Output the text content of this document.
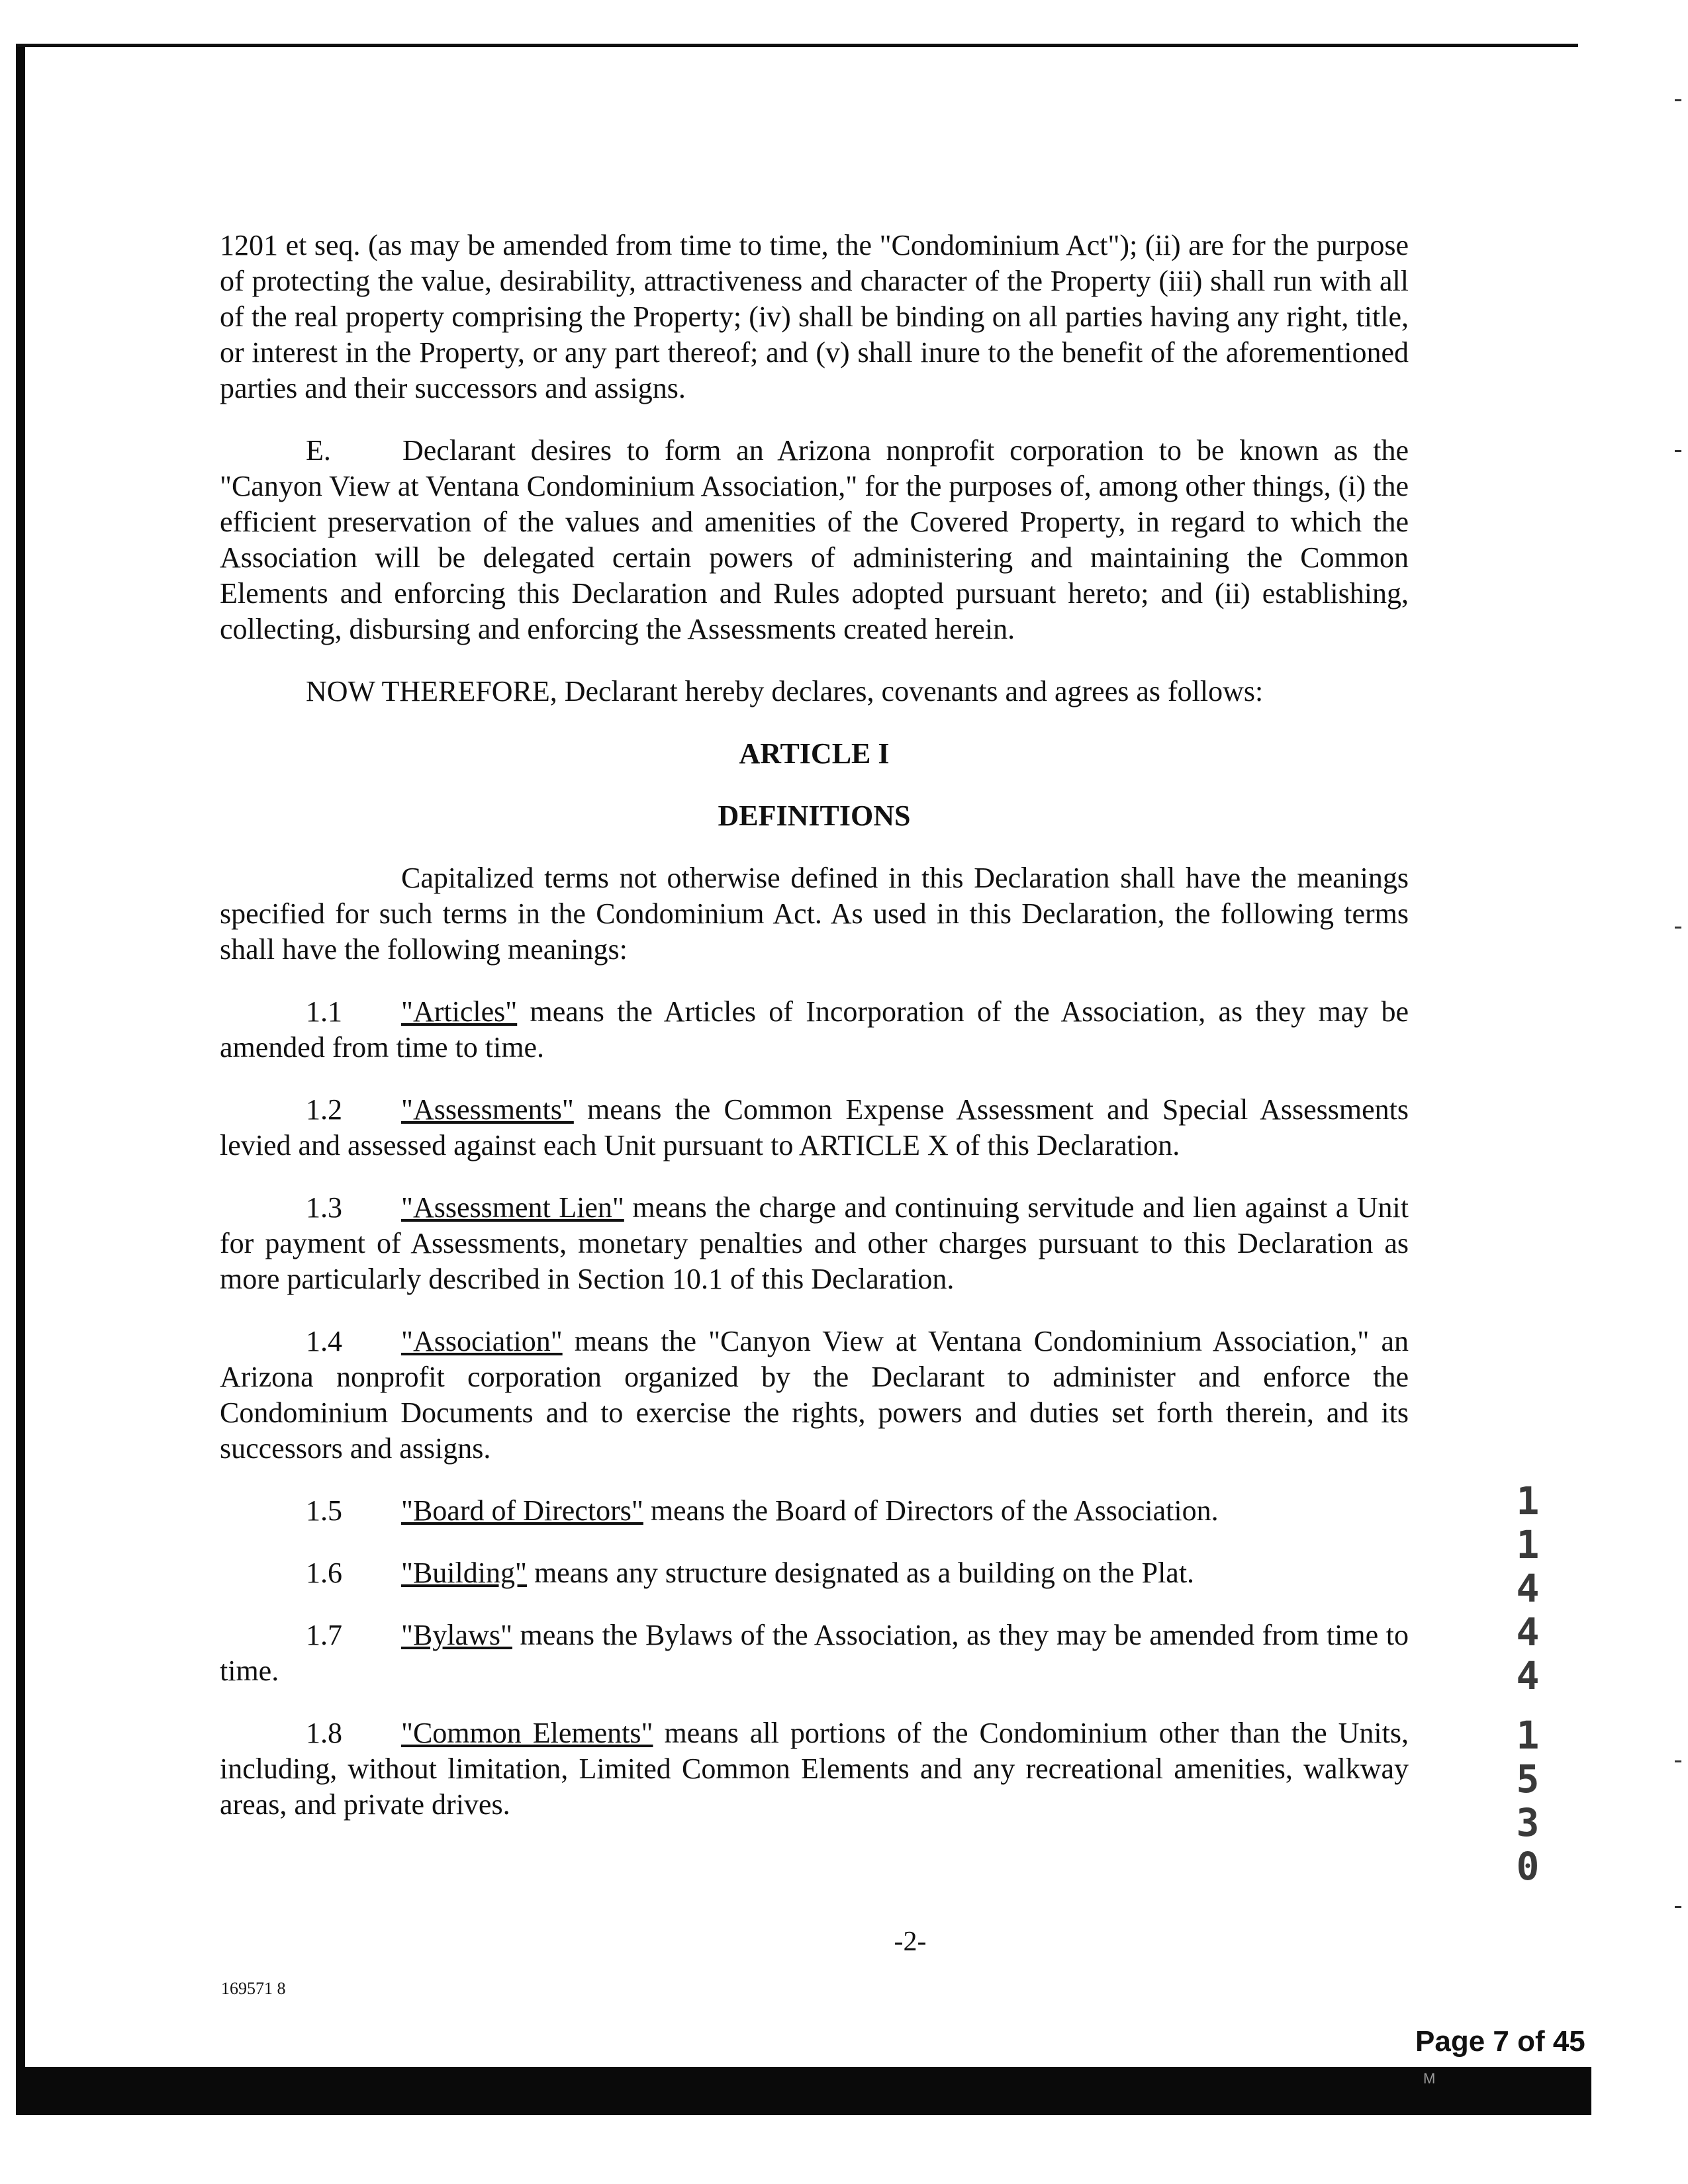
M

1201 et seq. (as may be amended from time to time, the "Condominium Act"); (ii) are for the purpose of protecting the value, desirability, attractiveness and character of the Property (iii) shall run with all of the real property comprising the Property; (iv) shall be binding on all parties having any right, title, or interest in the Property, or any part thereof; and (v) shall inure to the benefit of the aforementioned parties and their successors and assigns.

E. Declarant desires to form an Arizona nonprofit corporation to be known as the "Canyon View at Ventana Condominium Association," for the purposes of, among other things, (i) the efficient preservation of the values and amenities of the Covered Property, in regard to which the Association will be delegated certain powers of administering and maintaining the Common Elements and enforcing this Declaration and Rules adopted pursuant hereto; and (ii) establishing, collecting, disbursing and enforcing the Assessments created herein.

NOW THEREFORE, Declarant hereby declares, covenants and agrees as follows:

ARTICLE I
DEFINITIONS

Capitalized terms not otherwise defined in this Declaration shall have the meanings specified for such terms in the Condominium Act. As used in this Declaration, the following terms shall have the following meanings:

1.1 "Articles" means the Articles of Incorporation of the Association, as they may be amended from time to time.

1.2 "Assessments" means the Common Expense Assessment and Special Assessments levied and assessed against each Unit pursuant to ARTICLE X of this Declaration.

1.3 "Assessment Lien" means the charge and continuing servitude and lien against a Unit for payment of Assessments, monetary penalties and other charges pursuant to this Declaration as more particularly described in Section 10.1 of this Declaration.

1.4 "Association" means the "Canyon View at Ventana Condominium Association," an Arizona nonprofit corporation organized by the Declarant to administer and enforce the Condominium Documents and to exercise the rights, powers and duties set forth therein, and its successors and assigns.

1.5 "Board of Directors" means the Board of Directors of the Association.

1.6 "Building" means any structure designated as a building on the Plat.

1.7 "Bylaws" means the Bylaws of the Association, as they may be amended from time to time.

1.8 "Common Elements" means all portions of the Condominium other than the Units, including, without limitation, Limited Common Elements and any recreational amenities, walkway areas, and private drives.

-2-
169571 8
Page 7 of 45
1
1
4
4
4
1
5
3
0
